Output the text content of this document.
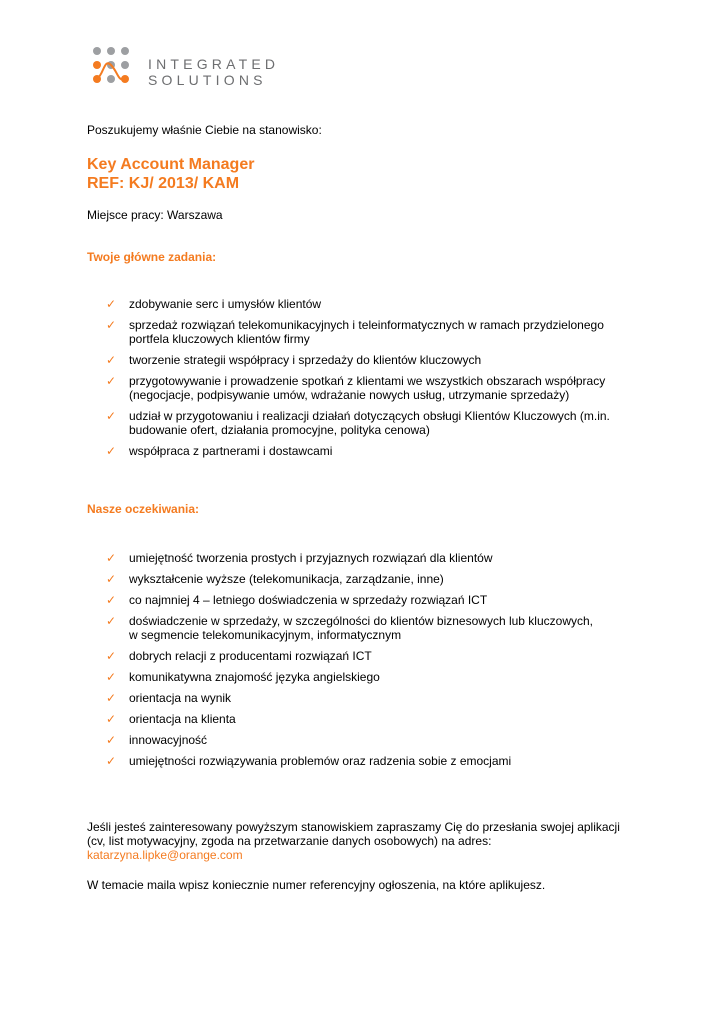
INTEGRATED
SOLUTIONS
Poszukujemy właśnie Ciebie na stanowisko:
Key Account Manager
REF: KJ/ 2013/ KAM
Miejsce pracy: Warszawa
Twoje główne zadania:
✓ zdobywanie serc i umysłów klientów
✓ sprzedaż rozwiązań telekomunikacyjnych i teleinformatycznych w ramach przydzielonego
portfela kluczowych klientów firmy
✓ tworzenie strategii współpracy i sprzedaży do klientów kluczowych
✓ przygotowywanie i prowadzenie spotkań z klientami we wszystkich obszarach współpracy
(negocjacje, podpisywanie umów, wdrażanie nowych usług, utrzymanie sprzedaży)
✓ udział w przygotowaniu i realizacji działań dotyczących obsługi Klientów Kluczowych (m.in.
budowanie ofert, działania promocyjne, polityka cenowa)
✓ współpraca z partnerami i dostawcami
Nasze oczekiwania:
✓ umiejętność tworzenia prostych i przyjaznych rozwiązań dla klientów
✓ wykształcenie wyższe (telekomunikacja, zarządzanie, inne)
✓ co najmniej 4 – letniego doświadczenia w sprzedaży rozwiązań ICT
✓ doświadczenie w sprzedaży, w szczególności do klientów biznesowych lub kluczowych,
w segmencie telekomunikacyjnym, informatycznym
✓ dobrych relacji z producentami rozwiązań ICT
✓ komunikatywna znajomość języka angielskiego
✓ orientacja na wynik
✓ orientacja na klienta
✓ innowacyjność
✓ umiejętności rozwiązywania problemów oraz radzenia sobie z emocjami
Jeśli jesteś zainteresowany powyższym stanowiskiem zapraszamy Cię do przesłania swojej aplikacji
(cv, list motywacyjny, zgoda na przetwarzanie danych osobowych) na adres:
katarzyna.lipke@orange.com
W temacie maila wpisz koniecznie numer referencyjny ogłoszenia, na które aplikujesz.
